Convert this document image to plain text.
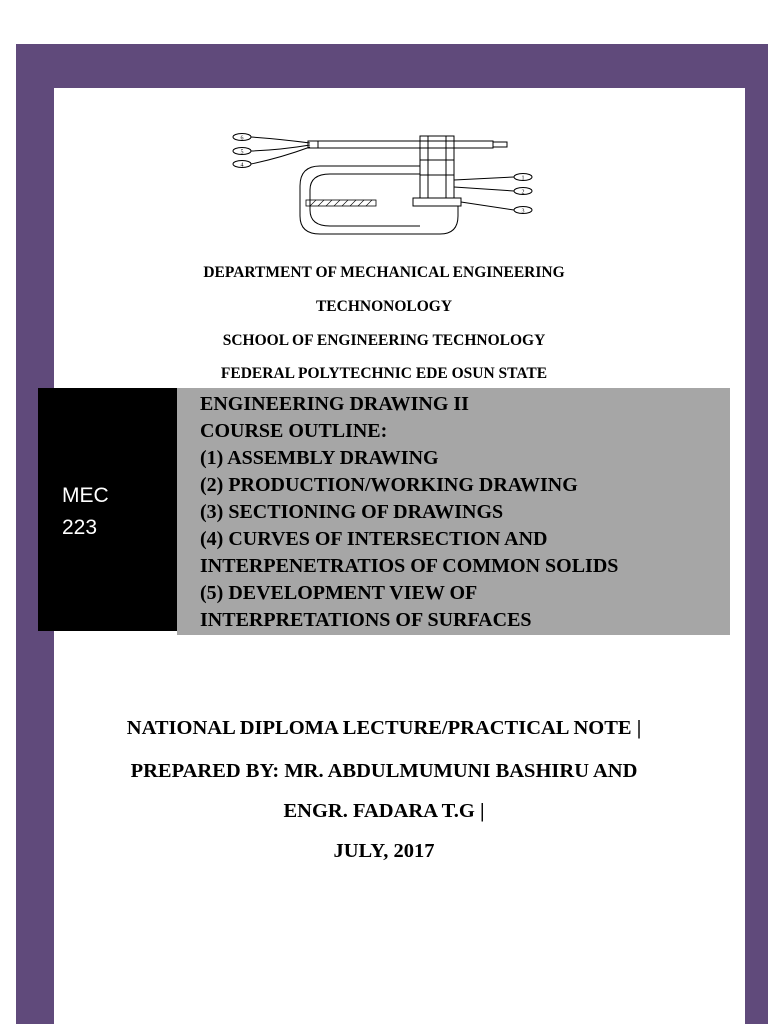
6
5
4
1
2
3
DEPARTMENT OF MECHANICAL ENGINEERING
TECHNONOLOGY
SCHOOL OF ENGINEERING TECHNOLOGY
FEDERAL POLYTECHNIC EDE OSUN STATE
MEC
223
ENGINEERING DRAWING II
COURSE OUTLINE:
(1) ASSEMBLY DRAWING
(2) PRODUCTION/WORKING DRAWING
(3) SECTIONING OF DRAWINGS
(4) CURVES OF INTERSECTION AND
INTERPENETRATIOS OF COMMON SOLIDS
(5) DEVELOPMENT VIEW OF
INTERPRETATIONS OF SURFACES
NATIONAL DIPLOMA LECTURE/PRACTICAL NOTE |
PREPARED BY: MR. ABDULMUMUNI BASHIRU AND
ENGR. FADARA T.G |
JULY, 2017
